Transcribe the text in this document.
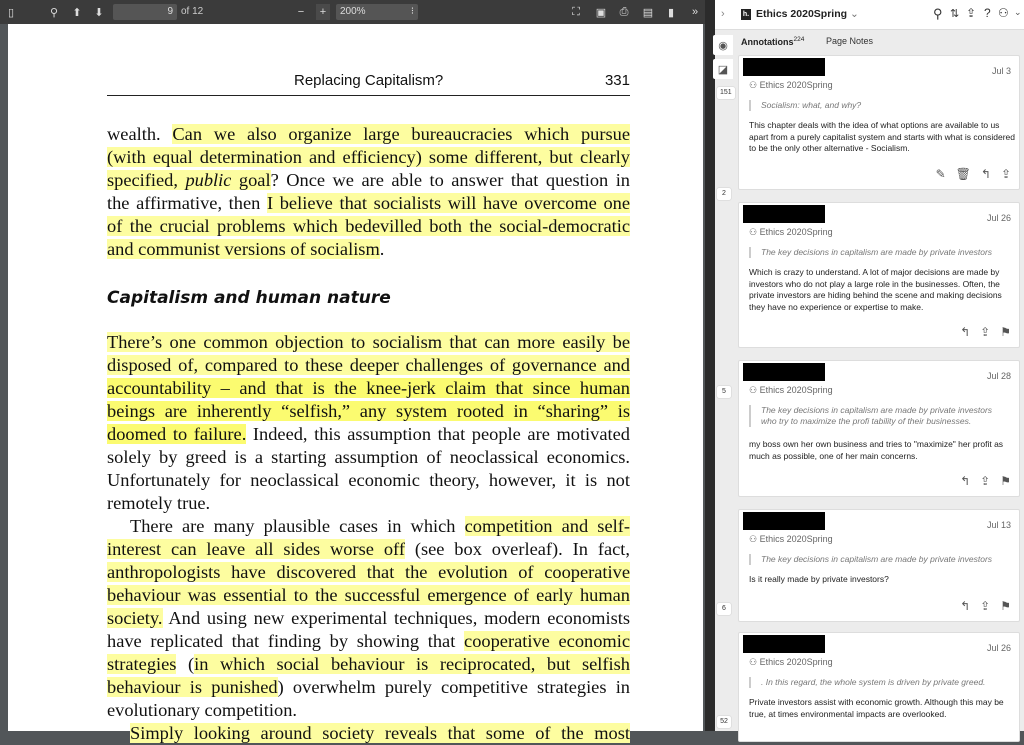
▯	⚲	⬆ ⬇	9 of 12	−	+	200%	⁝	⛶ ▣ ⎙ ▤	▮	»
Replacing Capitalism?	331
Capitalism and human nature
wealth. Can we also organize large bureaucracies which pursue
(with equal determination and efficiency) some different, but clearly
specified, public goal? Once we are able to answer that question in
the affirmative, then I believe that socialists will have overcome one
of the crucial problems which bedevilled both the social-democratic
and communist versions of socialism.
There’s one common objection to socialism that can more easily be
disposed of, compared to these deeper challenges of governance and
accountability – and that is the knee-jerk claim that since human
beings are inherently “selfish,” any system rooted in “sharing” is
doomed to failure. Indeed, this assumption that people are motivated
solely by greed is a starting assumption of neoclassical economics.
Unfortunately for neoclassical economic theory, however, it is not
remotely true.
There are many plausible cases in which competition and self-
interest can leave all sides worse off (see box overleaf). In fact,
anthropologists have discovered that the evolution of cooperative
behaviour was essential to the successful emergence of early human
society. And using new experimental techniques, modern economists
have replicated that finding by showing that cooperative economic
strategies (in which social behaviour is reciprocated, but selfish
behaviour is punished) overwhelm purely competitive strategies in
evolutionary competition.
Simply looking around society reveals that some of the most
›	h. Ethics 2020Spring ⌄	⚲ ⇅ ⇪ ? ⚇ ⌄
Annotations$^{224}$ Page Notes
◉
◪
151
2
5
6
52
Jul 3
⚇ Ethics 2020Spring
Socialism: what, and why?
This chapter deals with the idea of what options are available to us apart from a purely capitalist system and starts with what is considered to be the only other alternative - Socialism.
✎ 🗑 ↰ ⇪
Jul 26
⚇ Ethics 2020Spring
The key decisions in capitalism are made by private investors
Which is crazy to understand. A lot of major decisions are made by investors who do not play a large role in the businesses. Often, the private investors are hiding behind the scene and making decisions they have no experience or expertise to make.
↰ ⇪ ⚑
Jul 28
⚇ Ethics 2020Spring
The key decisions in capitalism are made by private investors who try to maximize the profi tability of their businesses.
my boss own her own business and tries to "maximize" her profit as much as possible, one of her main concerns.
↰ ⇪ ⚑
Jul 13
⚇ Ethics 2020Spring
The key decisions in capitalism are made by private investors
Is it really made by private investors?
↰ ⇪ ⚑
Jul 26
⚇ Ethics 2020Spring
. In this regard, the whole system is driven by private greed.
Private investors assist with economic growth. Although this may be true, at times environmental impacts are overlooked.
